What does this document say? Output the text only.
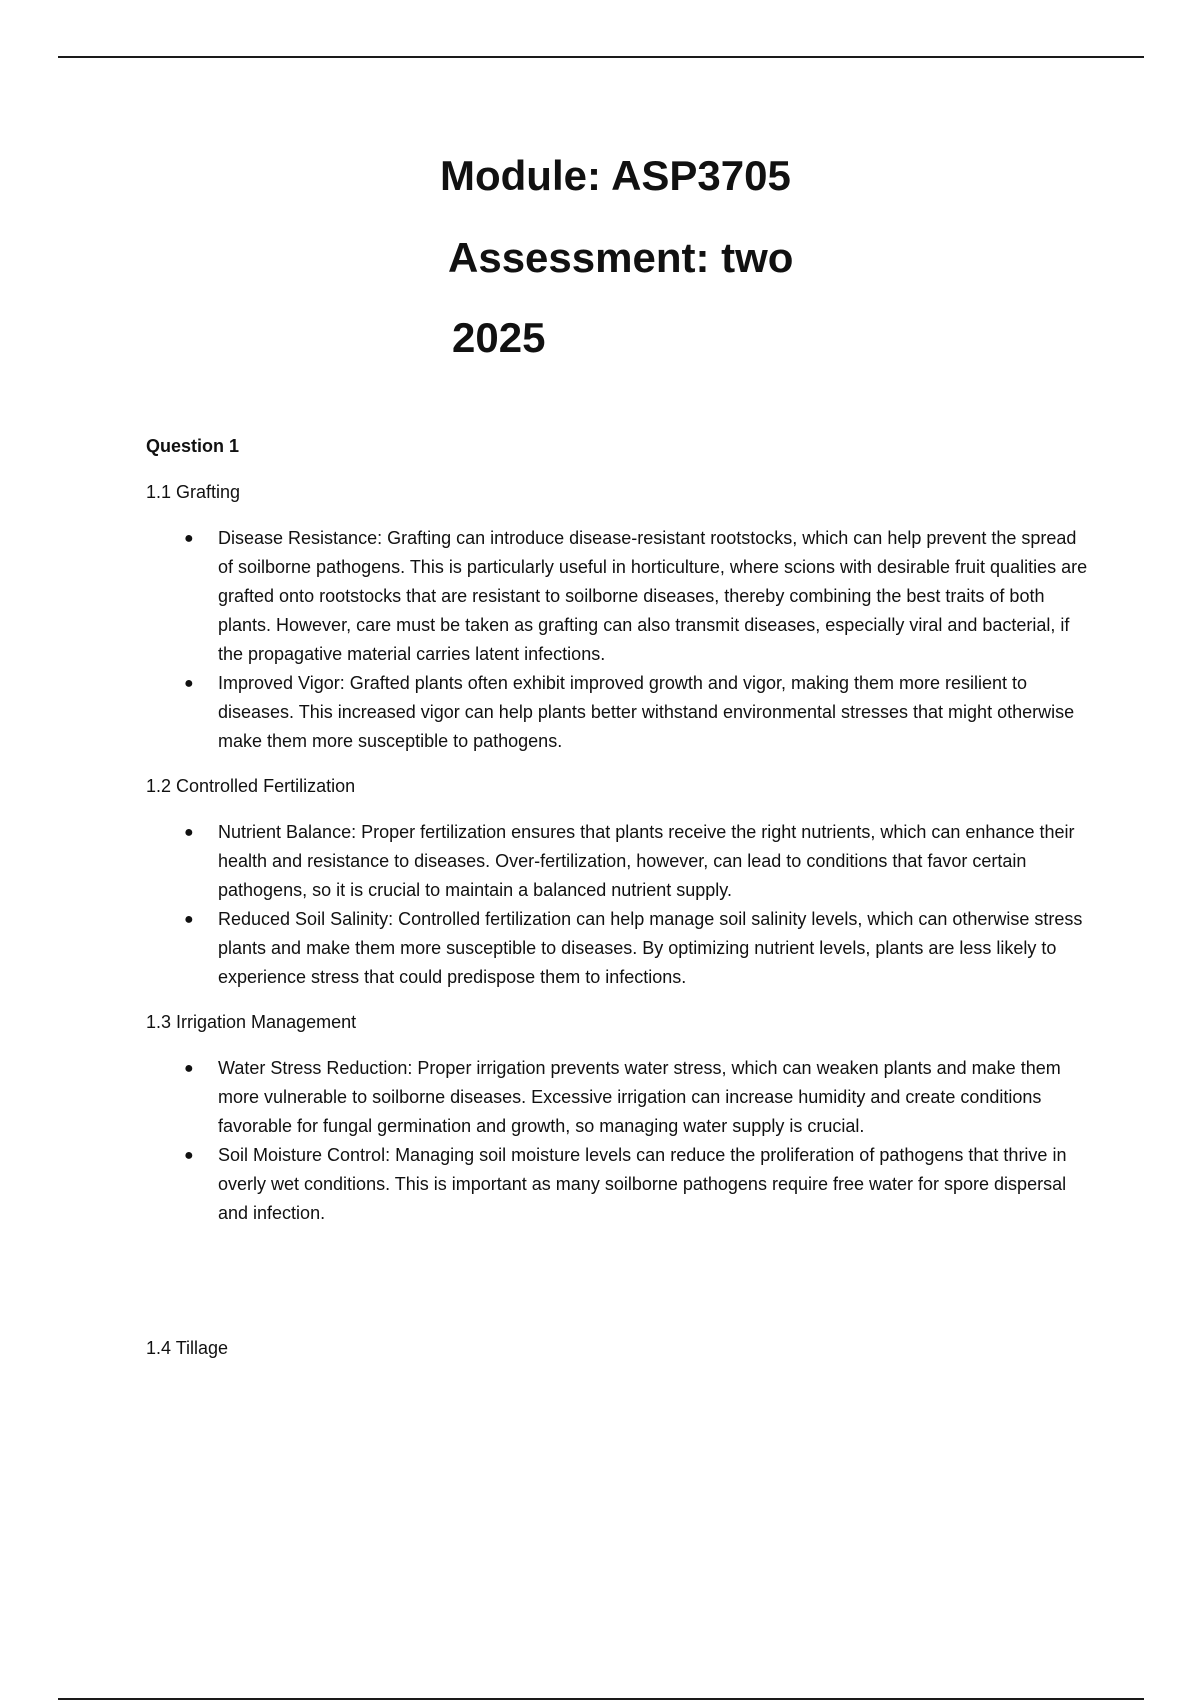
Module: ASP3705
Assessment: two
2025

Question 1

1.1 Grafting

● Disease Resistance: Grafting can introduce disease-resistant rootstocks, which can help prevent the spread of soilborne pathogens. This is particularly useful in horticulture, where scions with desirable fruit qualities are grafted onto rootstocks that are resistant to soilborne diseases, thereby combining the best traits of both plants. However, care must be taken as grafting can also transmit diseases, especially viral and bacterial, if the propagative material carries latent infections.
● Improved Vigor: Grafted plants often exhibit improved growth and vigor, making them more resilient to diseases. This increased vigor can help plants better withstand environmental stresses that might otherwise make them more susceptible to pathogens.

1.2 Controlled Fertilization

● Nutrient Balance: Proper fertilization ensures that plants receive the right nutrients, which can enhance their health and resistance to diseases. Over-fertilization, however, can lead to conditions that favor certain pathogens, so it is crucial to maintain a balanced nutrient supply.
● Reduced Soil Salinity: Controlled fertilization can help manage soil salinity levels, which can otherwise stress plants and make them more susceptible to diseases. By optimizing nutrient levels, plants are less likely to experience stress that could predispose them to infections.

1.3 Irrigation Management

● Water Stress Reduction: Proper irrigation prevents water stress, which can weaken plants and make them more vulnerable to soilborne diseases. Excessive irrigation can increase humidity and create conditions favorable for fungal germination and growth, so managing water supply is crucial.
● Soil Moisture Control: Managing soil moisture levels can reduce the proliferation of pathogens that thrive in overly wet conditions. This is important as many soilborne pathogens require free water for spore dispersal and infection.

1.4 Tillage
